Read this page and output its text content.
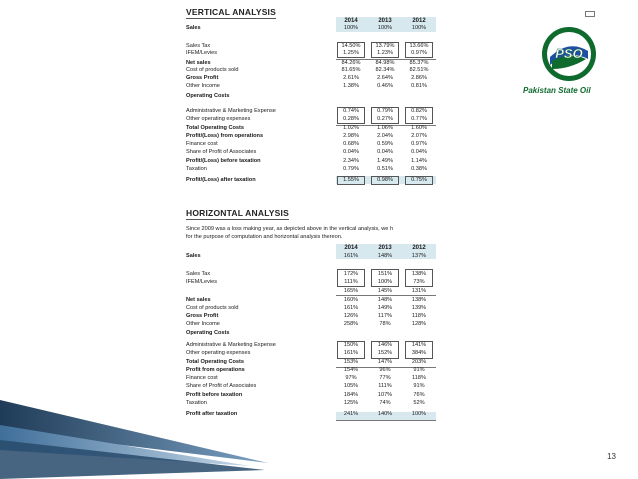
VERTICAL ANALYSIS
2014	2013	2012
Sales	100%	100%	100%
Sales Tax	14.50%	13.79%	13.66%
IFEM/Levies	1.25%	1.23%	0.97%
Net sales	84.26%	84.98%	85.37%
Cost of products sold	81.65%	82.34%	82.51%
Gross Profit	2.61%	2.64%	2.86%
Other Income	1.38%	0.46%	0.81%
Operating Costs
Administrative & Marketing Expense	0.74%	0.79%	0.82%
Other operating expenses	0.28%	0.27%	0.77%
Total Operating Costs	1.02%	1.06%	1.60%
Profit/(Loss) from operations	2.98%	2.04%	2.07%
Finance cost	0.68%	0.59%	0.97%
Share of Profit of Associates	0.04%	0.04%	0.04%
Profit/(Loss) before taxation	2.34%	1.49%	1.14%
Taxation	0.79%	0.51%	0.38%
Profit/(Loss) after taxation	1.55%	0.98%	0.75%
HORIZONTAL ANALYSIS
Since 2009 was a loss making year, as depicted above in the vertical analysis, we h
for the purpose of computation and horizontal analysis thereon.
2014	2013	2012
Sales	161%	148%	137%
Sales Tax	172%	151%	138%
IFEM/Levies	111%	100%	73%
165%	145%	131%
Net sales	160%	148%	138%
Cost of products sold	161%	149%	139%
Gross Profit	126%	117%	118%
Other Income	258%	78%	128%
Operating Costs
Administrative & Marketing Expense	150%	146%	141%
Other operating expenses	161%	152%	384%
Total Operating Costs	153%	147%	203%
Profit from operations	154%	96%	91%
Finance cost	97%	77%	118%
Share of Profit of Associates	105%	111%	91%
Profit before taxation	184%	107%	76%
Taxation	125%	74%	52%
Profit after taxation	241%	140%	100%
PSO
Pakistan State Oil
13
